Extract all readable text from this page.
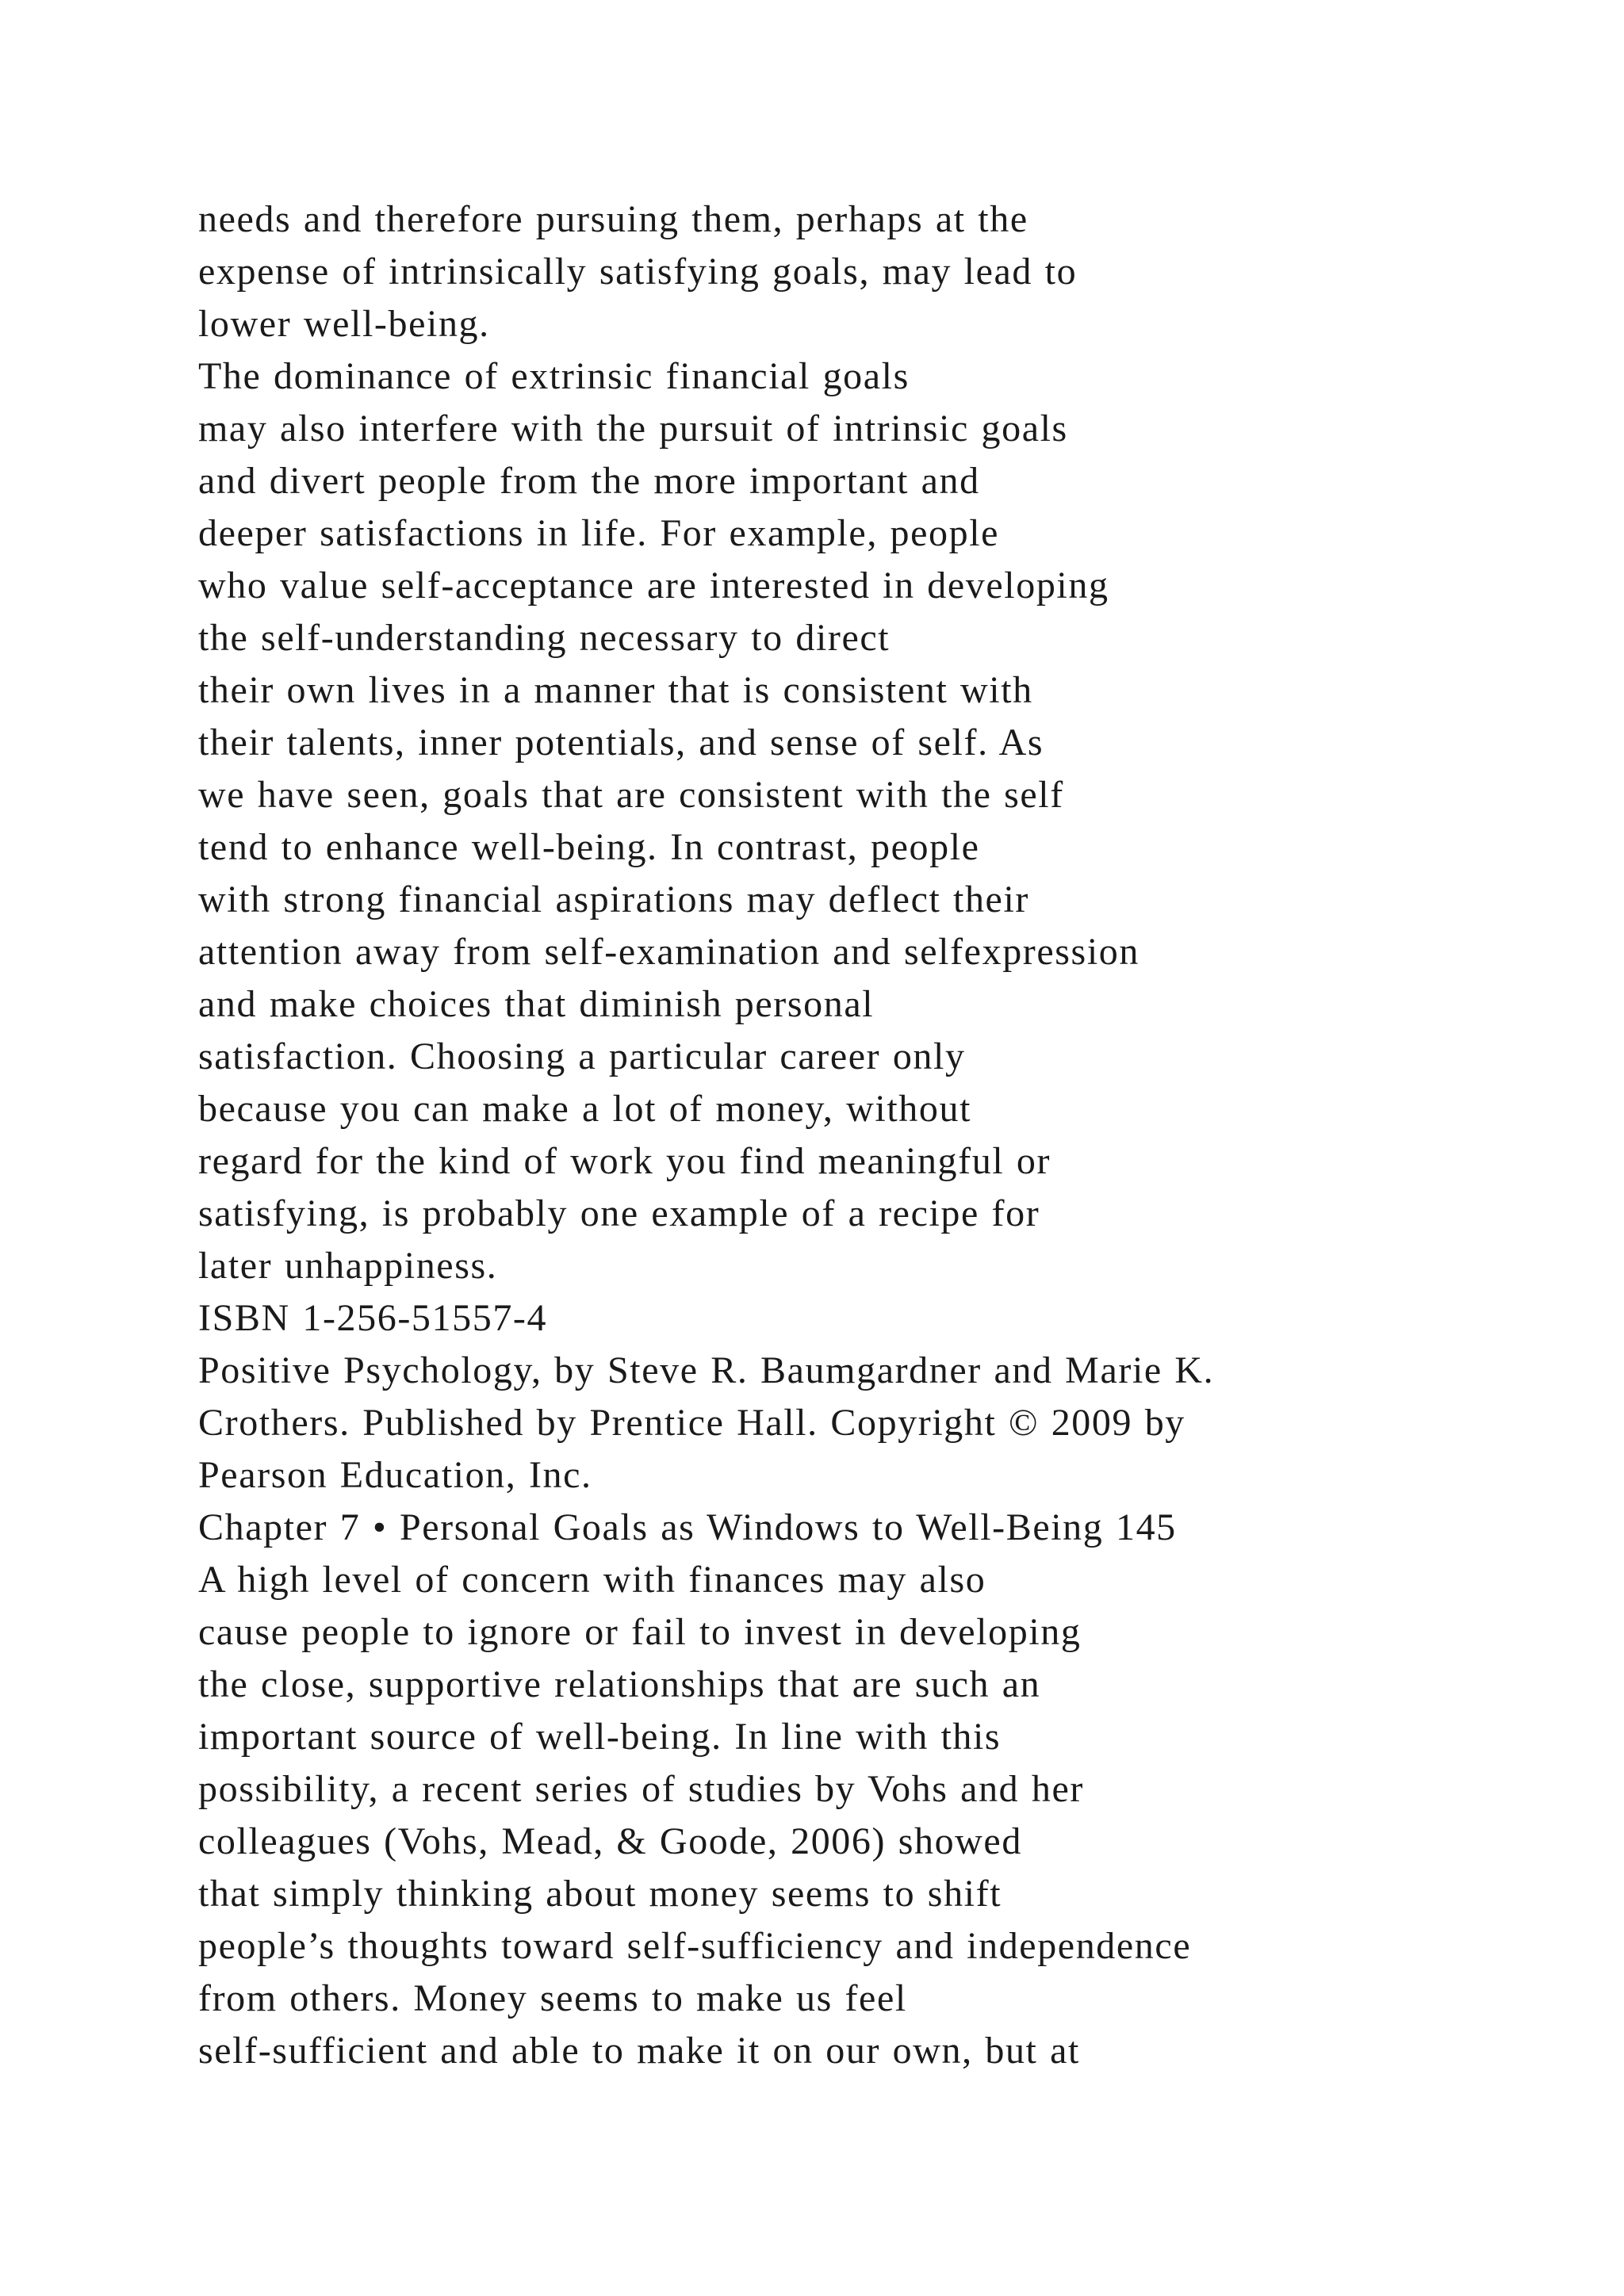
needs and therefore pursuing them, perhaps at the
expense of intrinsically satisfying goals, may lead to
lower well-being.
The dominance of extrinsic financial goals
may also interfere with the pursuit of intrinsic goals
and divert people from the more important and
deeper satisfactions in life. For example, people
who value self-acceptance are interested in developing
the self-understanding necessary to direct
their own lives in a manner that is consistent with
their talents, inner potentials, and sense of self. As
we have seen, goals that are consistent with the self
tend to enhance well-being. In contrast, people
with strong financial aspirations may deflect their
attention away from self-examination and selfexpression
and make choices that diminish personal
satisfaction. Choosing a particular career only
because you can make a lot of money, without
regard for the kind of work you find meaningful or
satisfying, is probably one example of a recipe for
later unhappiness.
ISBN 1-256-51557-4
Positive Psychology, by Steve R. Baumgardner and Marie K.
Crothers. Published by Prentice Hall. Copyright © 2009 by
Pearson Education, Inc.
Chapter 7 • Personal Goals as Windows to Well-Being 145
A high level of concern with finances may also
cause people to ignore or fail to invest in developing
the close, supportive relationships that are such an
important source of well-being. In line with this
possibility, a recent series of studies by Vohs and her
colleagues (Vohs, Mead, & Goode, 2006) showed
that simply thinking about money seems to shift
people’s thoughts toward self-sufficiency and independence
from others. Money seems to make us feel
self-sufficient and able to make it on our own, but at
